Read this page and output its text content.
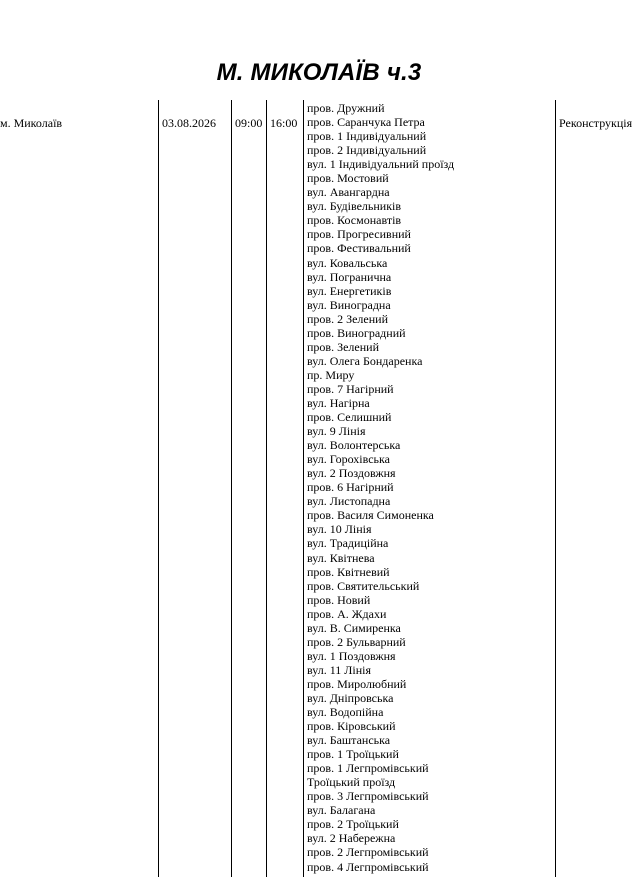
М. МИКОЛАЇВ ч.3
м. Миколаїв	03.08.2026 09:00 16:00	Реконструкція
пров. Дружний
пров. Саранчука Петра
пров. 1 Індивідуальний
пров. 2 Індивідуальний
вул. 1 Індивідуальний проїзд
пров. Мостовий
вул. Авангардна
вул. Будівельників
пров. Космонавтів
пров. Прогресивний
пров. Фестивальний
вул. Ковальська
вул. Погранична
вул. Енергетиків
вул. Виноградна
пров. 2 Зелений
пров. Виноградний
пров. Зелений
вул. Олега Бондаренка
пр. Миру
пров. 7 Нагірний
вул. Нагірна
пров. Селишний
вул. 9 Лінія
вул. Волонтерська
вул. Горохівська
вул. 2 Поздовжня
пров. 6 Нагірний
вул. Листопадна
пров. Василя Симоненка
вул. 10 Лінія
вул. Традиційна
вул. Квітнева
пров. Квітневий
пров. Святительський
пров. Новий
пров. А. Ждахи
вул. В. Симиренка
пров. 2 Бульварний
вул. 1 Поздовжня
вул. 11 Лінія
пров. Миролюбний
вул. Дніпровська
вул. Водопійна
пров. Кіровський
вул. Баштанська
пров. 1 Троїцький
пров. 1 Легпромівський
Троїцький проїзд
пров. 3 Легпромівський
вул. Балагана
пров. 2 Троїцький
вул. 2 Набережна
пров. 2 Легпромівський
пров. 4 Легпромівський
